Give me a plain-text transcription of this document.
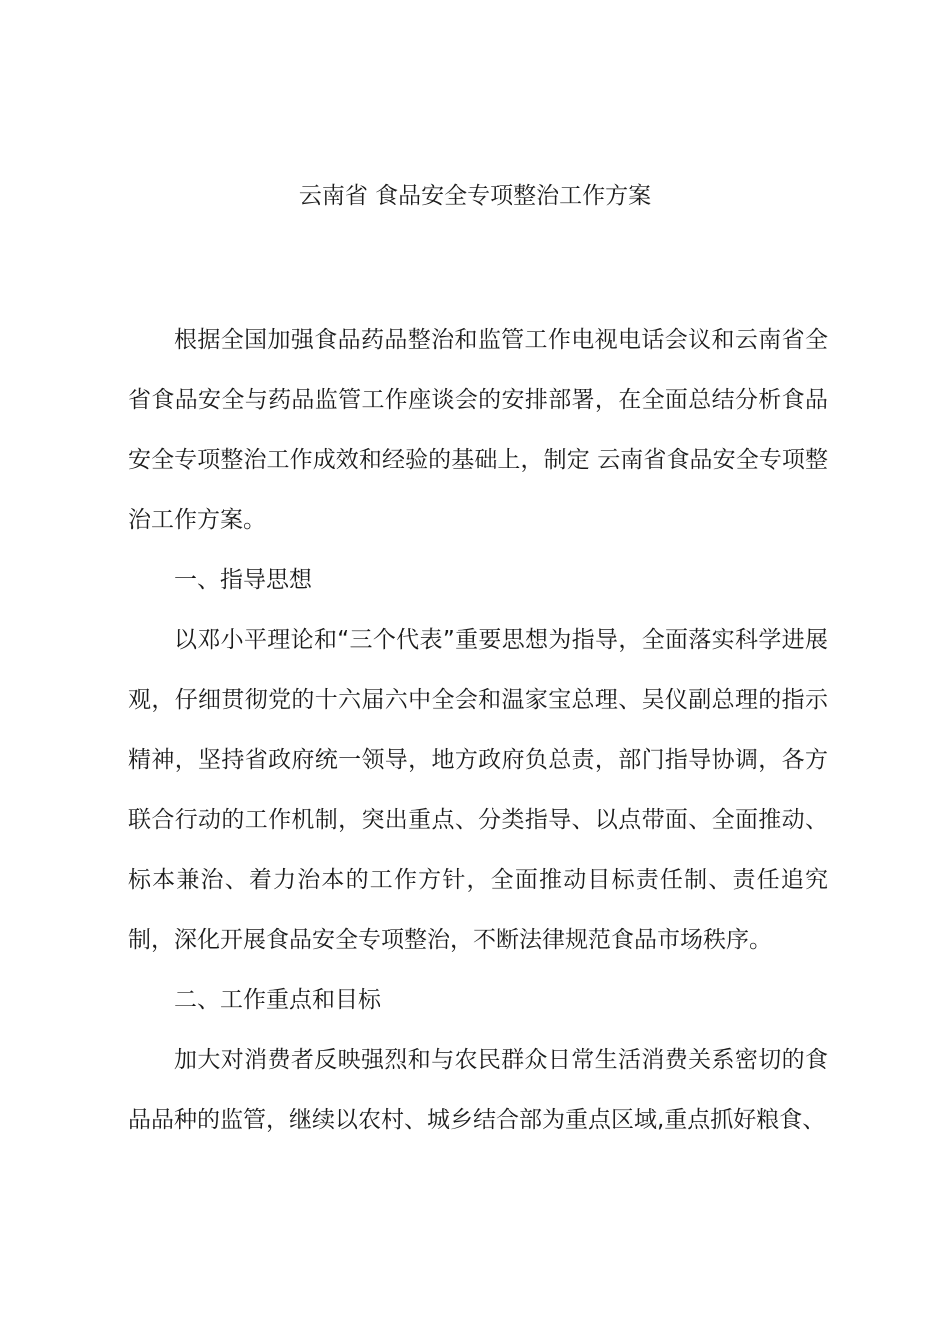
云南省 食品安全专项整治工作方案

根据全国加强食品药品整治和监管工作电视电话会议和云南省全省食品安全与药品监管工作座谈会的安排部署，在全面总结分析食品安全专项整治工作成效和经验的基础上，制定 云南省食品安全专项整治工作方案。

一、指导思想

以邓小平理论和“三个代表”重要思想为指导，全面落实科学进展观，仔细贯彻党的十六届六中全会和温家宝总理、吴仪副总理的指示精神，坚持省政府统一领导，地方政府负总责，部门指导协调，各方联合行动的工作机制，突出重点、分类指导、以点带面、全面推动、标本兼治、着力治本的工作方针，全面推动目标责任制、责任追究制，深化开展食品安全专项整治，不断法律规范食品市场秩序。

二、工作重点和目标

加大对消费者反映强烈和与农民群众日常生活消费关系密切的食品品种的监管，继续以农村、城乡结合部为重点区域,重点抓好粮食、
